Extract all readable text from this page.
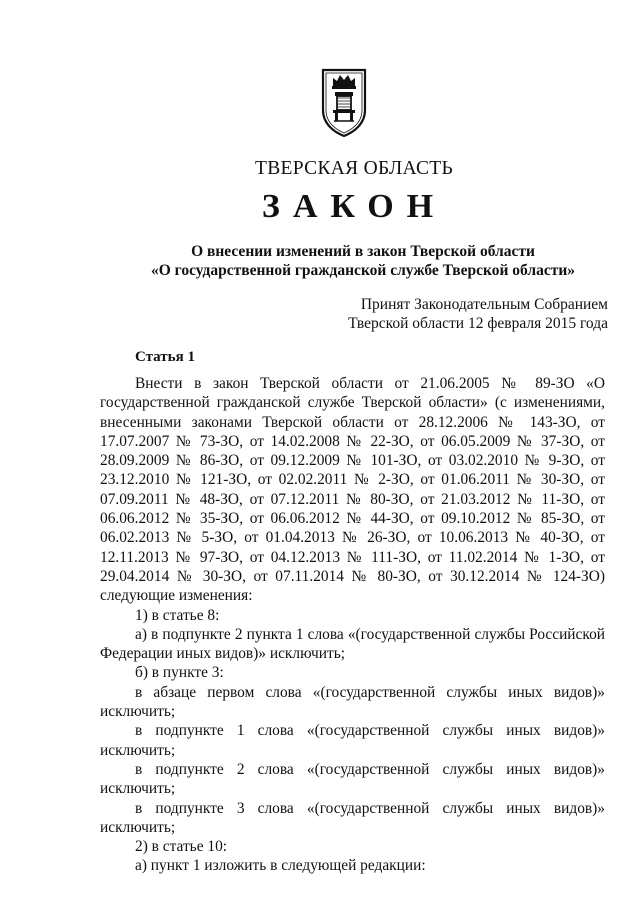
ТВЕРСКАЯ ОБЛАСТЬ
ЗАКОН
О внесении изменений в закон Тверской области
«О государственной гражданской службе Тверской области»
Принят Законодательным Собранием
Тверской области 12 февраля 2015 года
Статья 1

Внести в закон Тверской области от 21.06.2005 № 89-ЗО «О государственной гражданской службе Тверской области» (с изменениями, внесенными законами Тверской области от 28.12.2006 № 143-ЗО, от 17.07.2007 № 73-ЗО, от 14.02.2008 № 22-ЗО, от 06.05.2009 № 37-ЗО, от 28.09.2009 № 86-ЗО, от 09.12.2009 № 101-ЗО, от 03.02.2010 № 9-ЗО, от 23.12.2010 № 121-ЗО, от 02.02.2011 № 2-ЗО, от 01.06.2011 № 30-ЗО, от 07.09.2011 № 48-ЗО, от 07.12.2011 № 80-ЗО, от 21.03.2012 № 11-ЗО, от 06.06.2012 № 35-ЗО, от 06.06.2012 № 44-ЗО, от 09.10.2012 № 85-ЗО, от 06.02.2013 № 5-ЗО, от 01.04.2013 № 26-ЗО, от 10.06.2013 № 40-ЗО, от 12.11.2013 № 97-ЗО, от 04.12.2013 № 111-ЗО, от 11.02.2014 № 1-ЗО, от 29.04.2014 № 30-ЗО, от 07.11.2014 № 80-ЗО, от 30.12.2014 № 124-ЗО) следующие изменения:

1) в статье 8:

а) в подпункте 2 пункта 1 слова «(государственной службы Российской Федерации иных видов)» исключить;

б) в пункте 3:

в абзаце первом слова «(государственной службы иных видов)» исключить;

в подпункте 1 слова «(государственной службы иных видов)» исключить;

в подпункте 2 слова «(государственной службы иных видов)» исключить;

в подпункте 3 слова «(государственной службы иных видов)» исключить;

2) в статье 10:

а) пункт 1 изложить в следующей редакции:
